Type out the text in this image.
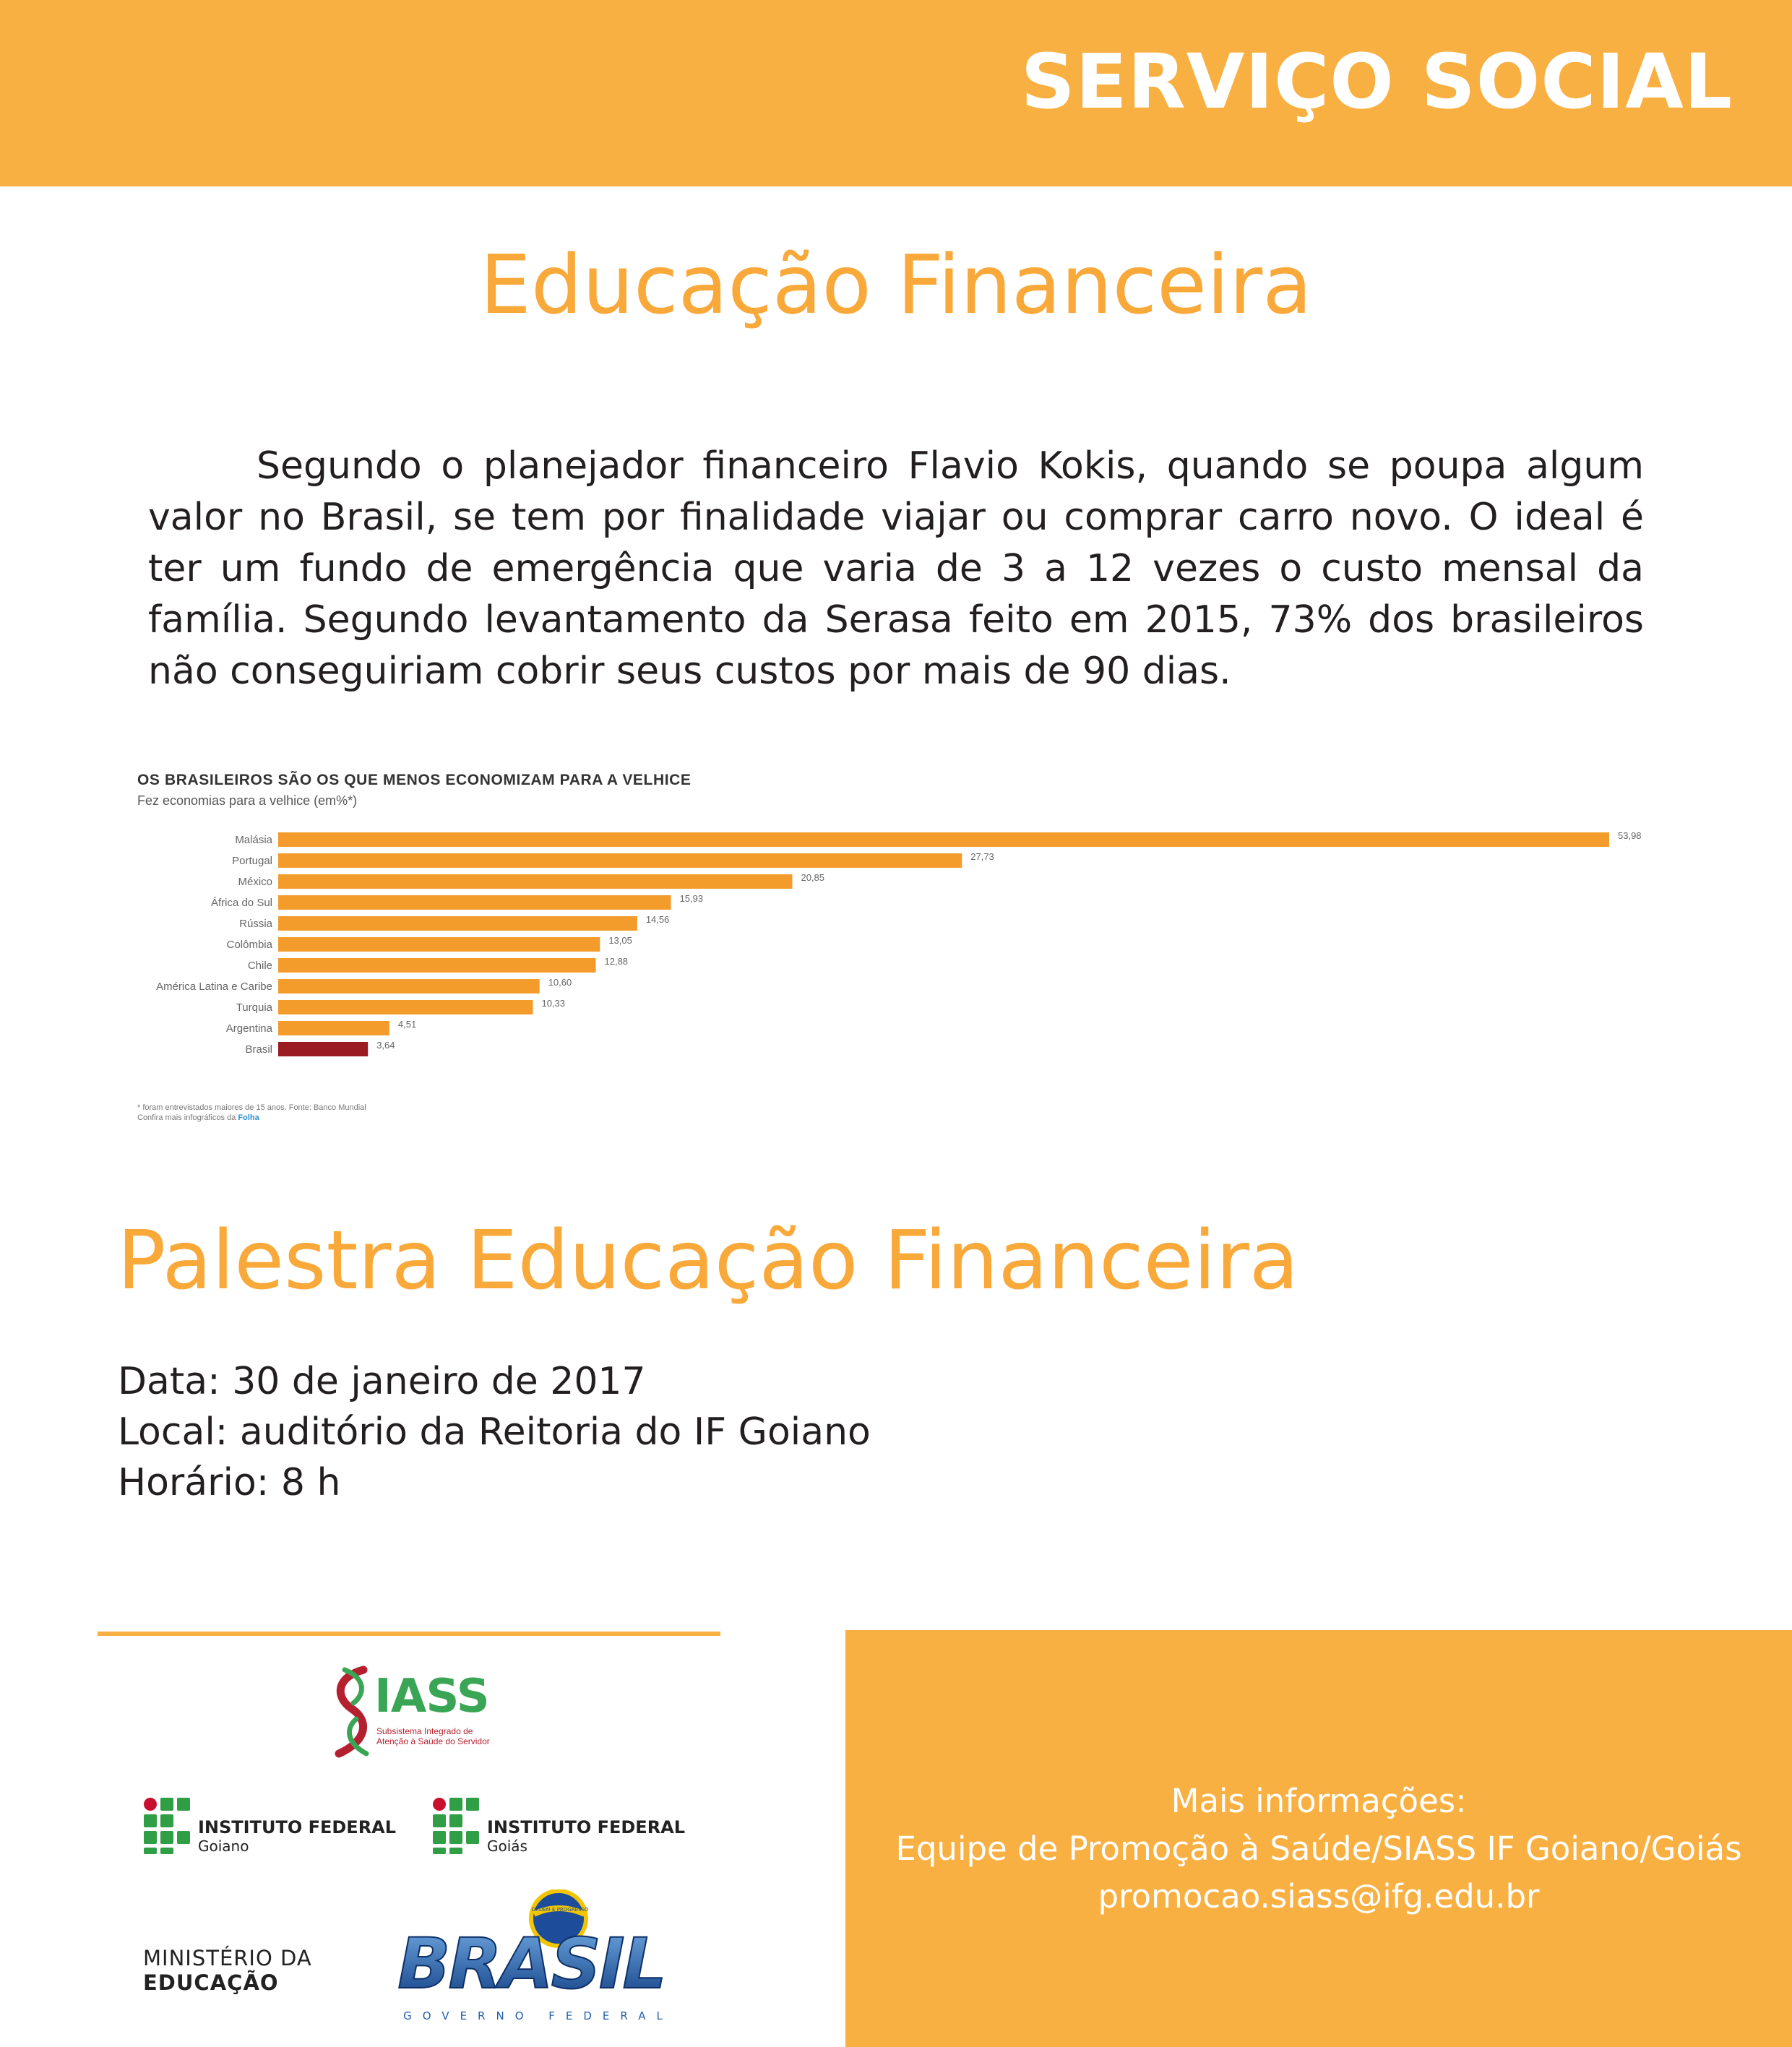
SERVIÇO SOCIAL
Educação Financeira

Segundo o planejador financeiro Flavio Kokis, quando se poupa algum valor no Brasil, se tem por finalidade viajar ou comprar carro novo. O ideal é ter um fundo de emergência que varia de 3 a 12 vezes o custo mensal da família. Segundo levantamento da Serasa feito em 2015, 73% dos brasileiros não conseguiriam cobrir seus custos por mais de 90 dias.

OS BRASILEIROS SÃO OS QUE MENOS ECONOMIZAM PARA A VELHICE
Fez economias para a velhice (em%*)
Malásia	53,98
Portugal	27,73
México	20,85
África do Sul	15,93
Rússia	14,56
Colômbia	13,05
Chile	12,88
América Latina e Caribe	10,60
Turquia	10,33
Argentina	4,51
Brasil	3,64
* foram entrevistados maiores de 15 anos. Fonte: Banco Mundial
Confira mais infográficos da Folha
Palestra Educação Financeira
Data: 30 de janeiro de 2017
Local: auditório da Reitoria do IF Goiano
Horário: 8 h
IASS
Subsistema Integrado de
Atenção à Saúde do Servidor
INSTITUTO FEDERAL
Goiano
INSTITUTO FEDERAL
Goiás
MINISTÉRIO DA
EDUCAÇÃO
ORDEM E PROGRESSO
BRASIL
GOVERNO FEDERAL
Mais informações:
Equipe de Promoção à Saúde/SIASS IF Goiano/Goiás
promocao.siass@ifg.edu.br
